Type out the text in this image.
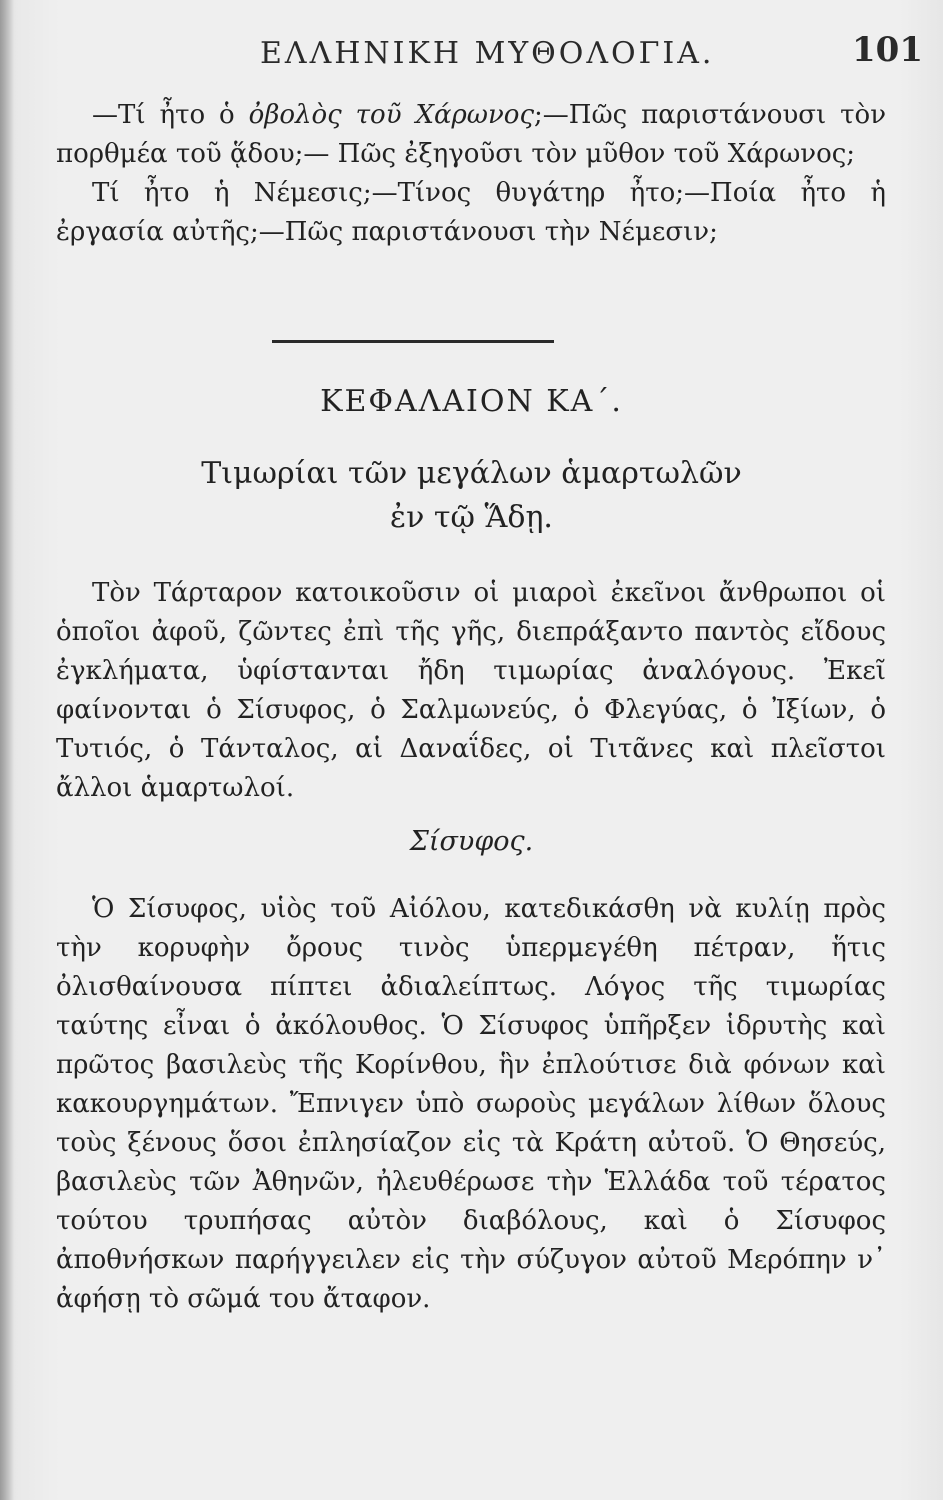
ΕΛΛΗΝΙΚΗ ΜΥΘΟΛΟΓΙΑ.	101

—Τί ἦτο ὁ ὀβολὸς τοῦ Χάρωνος;—Πῶς παριστάνουσι τὸν πορθμέα τοῦ ᾅδου;— Πῶς ἐξηγοῦσι τὸν μῦθον τοῦ Χάρωνος;

Τί ἦτο ἡ Νέμεσις;—Τίνος θυγάτηρ ἦτο;—Ποία ἦτο ἡ ἐργασία αὐτῆς;—Πῶς παριστάνουσι τὴν Νέμεσιν;

ΚΕΦΑΛΑΙΟΝ ΚΑ΄.
Τιμωρίαι τῶν μεγάλων ἁμαρτωλῶν
ἐν τῷ Ἅδῃ.

Τὸν Τάρταρον κατοικοῦσιν οἱ μιαροὶ ἐκεῖνοι ἄνθρωποι οἱ ὁποῖοι ἀφοῦ, ζῶντες ἐπὶ τῆς γῆς, διεπράξαντο παντὸς εἴδους ἐγκλήματα, ὑφίστανται ἤδη τιμωρίας ἀναλόγους. Ἐκεῖ φαίνονται ὁ Σίσυφος, ὁ Σαλμωνεύς, ὁ Φλεγύας, ὁ Ἰξίων, ὁ Τυτιός, ὁ Τάνταλος, αἱ Δαναΐδες, οἱ Τιτᾶνες καὶ πλεῖστοι ἄλλοι ἁμαρτωλοί.

Σίσυφος.

Ὁ Σίσυφος, υἱὸς τοῦ Αἰόλου, κατεδικάσθη νὰ κυλίῃ πρὸς τὴν κορυφὴν ὄρους τινὸς ὑπερμεγέθη πέτραν, ἥτις ὀλισθαίνουσα πίπτει ἀδιαλείπτως. Λόγος τῆς τιμωρίας ταύτης εἶναι ὁ ἀκόλουθος. Ὁ Σίσυφος ὑπῆρξεν ἱδρυτὴς καὶ πρῶτος βασιλεὺς τῆς Κορίνθου, ἣν ἐπλούτισε διὰ φόνων καὶ κακουργημάτων. Ἔπνιγεν ὑπὸ σωροὺς μεγάλων λίθων ὅλους τοὺς ξένους ὅσοι ἐπλησίαζον εἰς τὰ Κράτη αὐτοῦ. Ὁ Θησεύς, βασιλεὺς τῶν Ἀθηνῶν, ἠλευθέρωσε τὴν Ἑλλάδα τοῦ τέρατος τούτου τρυπήσας αὐτὸν διαβόλους, καὶ ὁ Σίσυφος ἀποθνήσκων παρήγγειλεν εἰς τὴν σύζυγον αὐτοῦ Μερόπην ν᾽ ἀφήσῃ τὸ σῶμά του ἄταφον.
